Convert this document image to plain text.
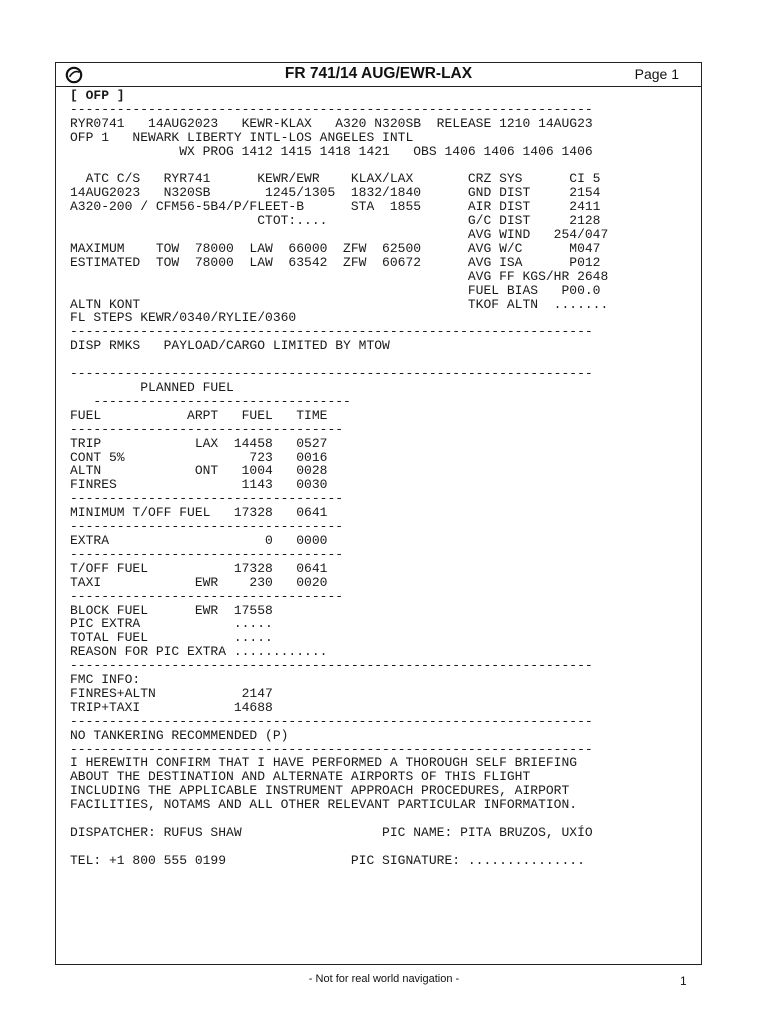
FR 741/14 AUG/EWR-LAX	Page 1
[ OFP ]
-------------------------------------------------------------------
RYR0741   14AUG2023   KEWR-KLAX   A320 N320SB  RELEASE 1210 14AUG23
OFP 1   NEWARK LIBERTY INTL-LOS ANGELES INTL
WX PROG 1412 1415 1418 1421   OBS 1406 1406 1406 1406
ATC C/S   RYR741      KEWR/EWR    KLAX/LAX       CRZ SYS      CI 5
14AUG2023   N320SB       1245/1305  1832/1840      GND DIST     2154
A320-200 / CFM56-5B4/P/FLEET-B      STA  1855      AIR DIST     2411
CTOT:....                  G/C DIST     2128
AVG WIND   254/047
MAXIMUM    TOW  78000  LAW  66000  ZFW  62500      AVG W/C      M047
ESTIMATED  TOW  78000  LAW  63542  ZFW  60672      AVG ISA      P012
AVG FF KGS/HR 2648
FUEL BIAS   P00.0
ALTN KONT                                          TKOF ALTN  .......
FL STEPS KEWR/0340/RYLIE/0360
-------------------------------------------------------------------
DISP RMKS   PAYLOAD/CARGO LIMITED BY MTOW
-------------------------------------------------------------------
PLANNED FUEL
---------------------------------
FUEL           ARPT   FUEL   TIME
-----------------------------------
TRIP            LAX  14458   0527
CONT 5%                723   0016
ALTN            ONT   1004   0028
FINRES                1143   0030
-----------------------------------
MINIMUM T/OFF FUEL   17328   0641
-----------------------------------
EXTRA                    0   0000
-----------------------------------
T/OFF FUEL           17328   0641
TAXI            EWR    230   0020
-----------------------------------
BLOCK FUEL      EWR  17558
PIC EXTRA            .....
TOTAL FUEL           .....
REASON FOR PIC EXTRA ............
-------------------------------------------------------------------
FMC INFO:
FINRES+ALTN           2147
TRIP+TAXI            14688
-------------------------------------------------------------------
NO TANKERING RECOMMENDED (P)
-------------------------------------------------------------------
I HEREWITH CONFIRM THAT I HAVE PERFORMED A THOROUGH SELF BRIEFING
ABOUT THE DESTINATION AND ALTERNATE AIRPORTS OF THIS FLIGHT
INCLUDING THE APPLICABLE INSTRUMENT APPROACH PROCEDURES, AIRPORT
FACILITIES, NOTAMS AND ALL OTHER RELEVANT PARTICULAR INFORMATION.
DISPATCHER: RUFUS SHAW                  PIC NAME: PITA BRUZOS, UXÍO
TEL: +1 800 555 0199                PIC SIGNATURE: ...............
- Not for real world navigation -	1
